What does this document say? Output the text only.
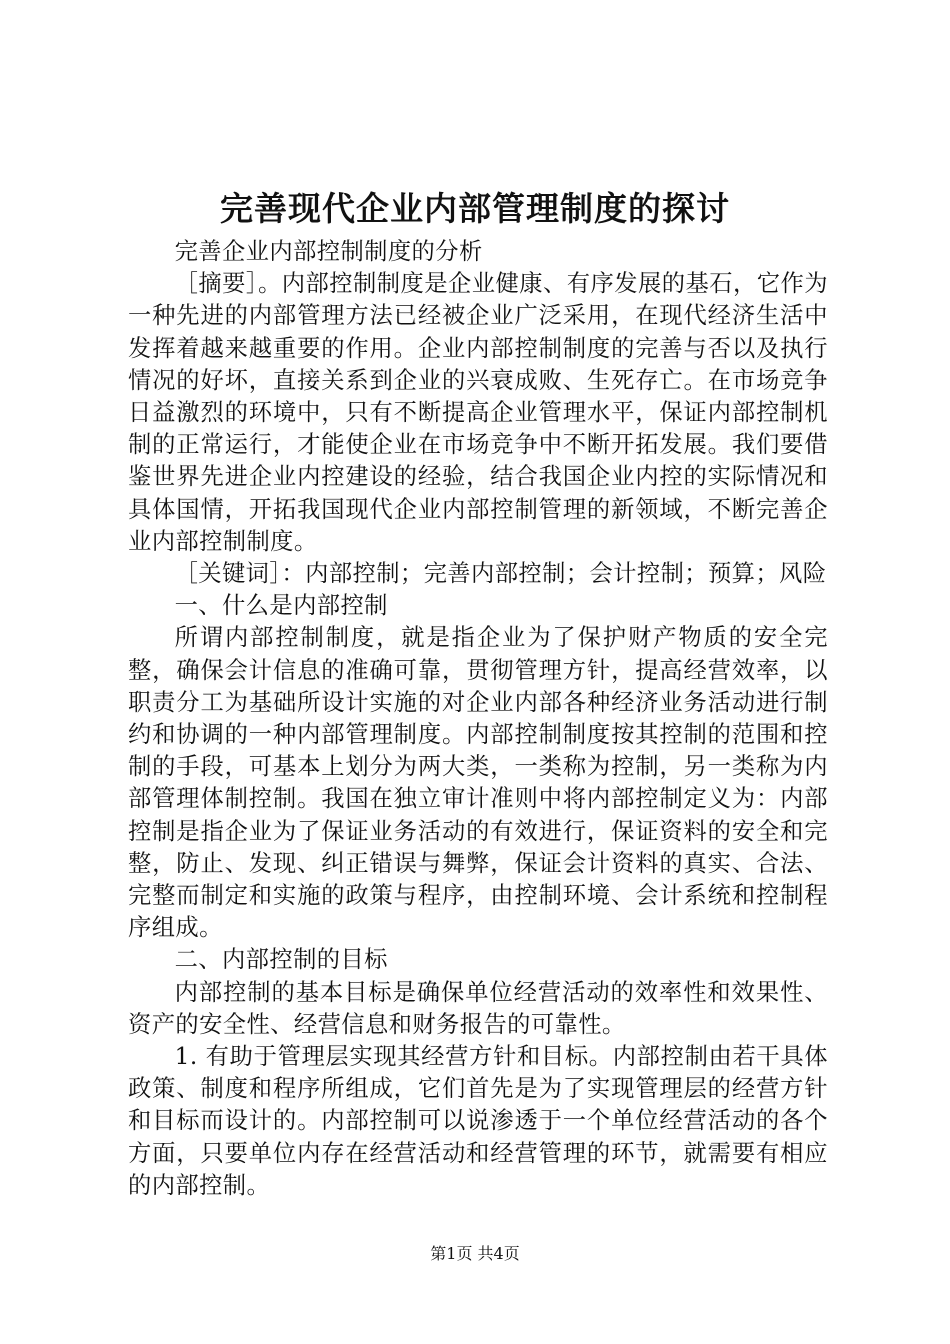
完善现代企业内部管理制度的探讨

完善企业内部控制制度的分析

［摘要］。内部控制制度是企业健康、有序发展的基石，它作为一种先进的内部管理方法已经被企业广泛采用，在现代经济生活中发挥着越来越重要的作用。企业内部控制制度的完善与否以及执行情况的好坏，直接关系到企业的兴衰成败、生死存亡。在市场竞争日益激烈的环境中，只有不断提高企业管理水平，保证内部控制机制的正常运行，才能使企业在市场竞争中不断开拓发展。我们要借鉴世界先进企业内控建设的经验，结合我国企业内控的实际情况和具体国情，开拓我国现代企业内部控制管理的新领域，不断完善企业内部控制制度。

［关键词］：内部控制；完善内部控制；会计控制；预算；风险

一、什么是内部控制

所谓内部控制制度，就是指企业为了保护财产物质的安全完整，确保会计信息的准确可靠，贯彻管理方针，提高经营效率，以职责分工为基础所设计实施的对企业内部各种经济业务活动进行制约和协调的一种内部管理制度。内部控制制度按其控制的范围和控制的手段，可基本上划分为两大类，一类称为控制，另一类称为内部管理体制控制。我国在独立审计准则中将内部控制定义为：内部控制是指企业为了保证业务活动的有效进行，保证资料的安全和完整，防止、发现、纠正错误与舞弊，保证会计资料的真实、合法、完整而制定和实施的政策与程序，由控制环境、会计系统和控制程序组成。

二、内部控制的目标

内部控制的基本目标是确保单位经营活动的效率性和效果性、资产的安全性、经营信息和财务报告的可靠性。

1. 有助于管理层实现其经营方针和目标。内部控制由若干具体政策、制度和程序所组成，它们首先是为了实现管理层的经营方针和目标而设计的。内部控制可以说渗透于一个单位经营活动的各个方面，只要单位内存在经营活动和经营管理的环节，就需要有相应的内部控制。

第1页 共4页
